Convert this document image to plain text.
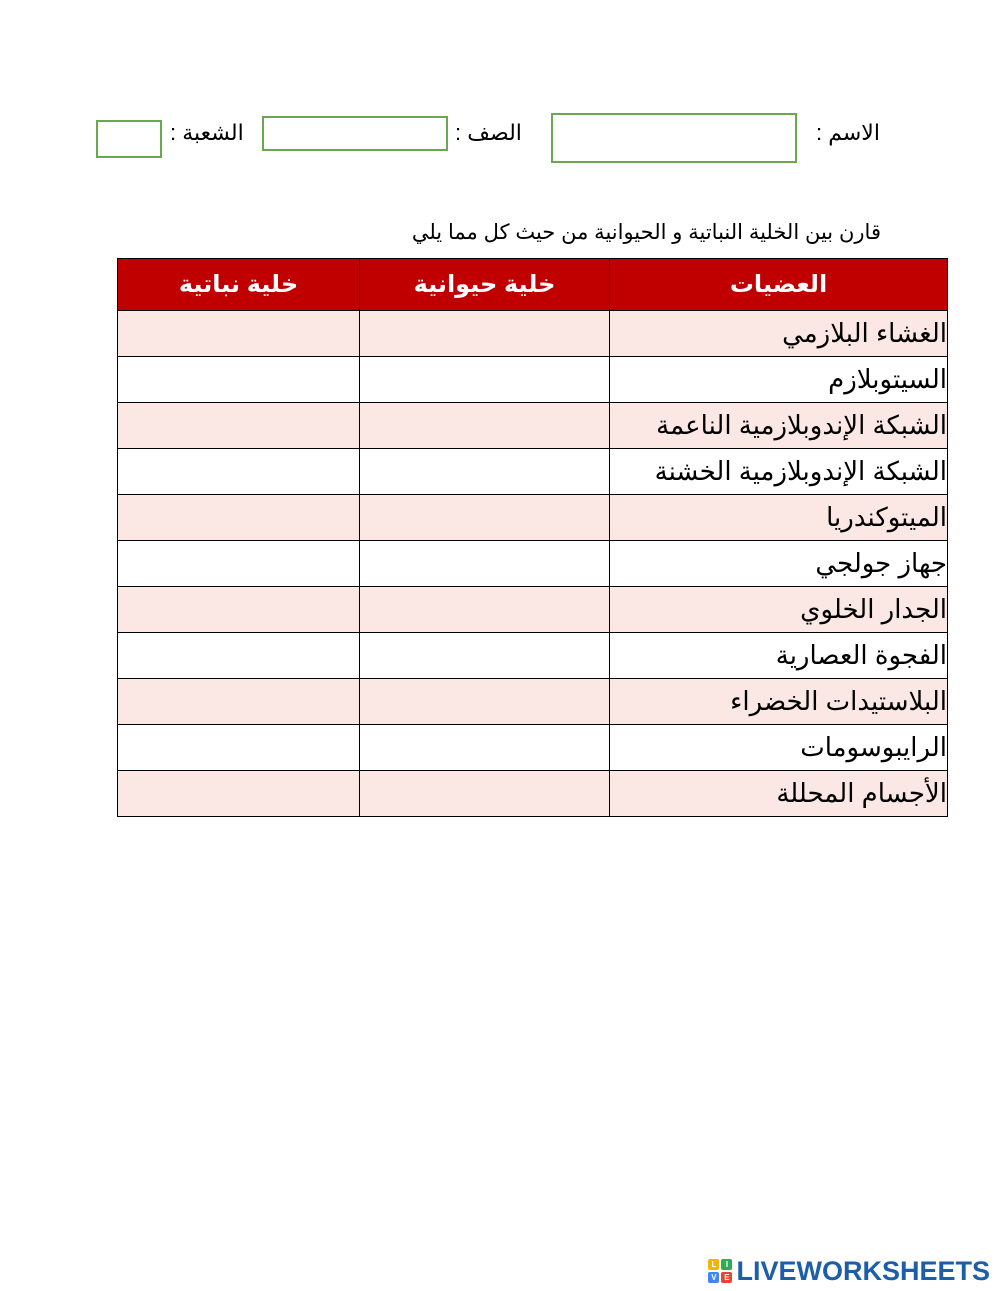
الاسم :
الصف :
الشعبة :
قارن بين الخلية النباتية و الحيوانية من حيث كل مما يلي
العضيات	خلية حيوانية	خلية نباتية
الغشاء البلازمي		
السيتوبلازم		
الشبكة الإندوبلازمية الناعمة		
الشبكة الإندوبلازمية الخشنة		
الميتوكندريا		
جهاز جولجي		
الجدار الخلوي		
الفجوة العصارية		
البلاستيدات الخضراء		
الرايبوسومات		
الأجسام المحللة		
L	I
V E LIVEWORKSHEETS
